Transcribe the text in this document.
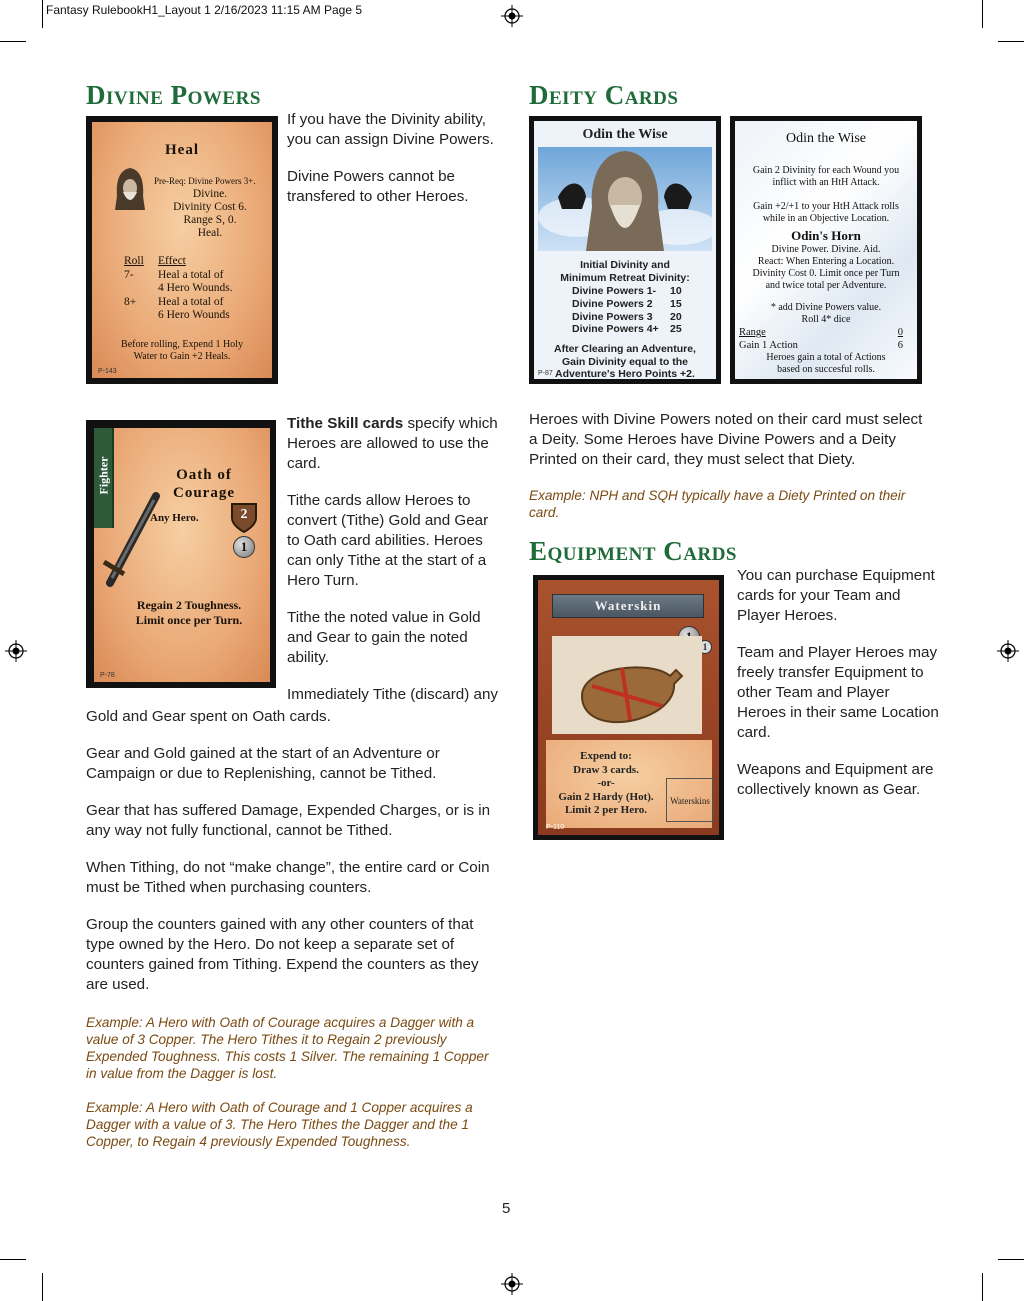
Fantasy RulebookH1_Layout 1 2/16/2023 11:15 AM Page 5
Divine Powers
Heal
Pre-Req: Divine Powers 3+.
Divine.
Divinity Cost 6.
Range S, 0.
Heal.
Roll	Effect
7-	Heal a total of
4 Hero Wounds.
8+	Heal a total of
6 Hero Wounds
Before rolling, Expend 1 Holy
Water to Gain +2 Heals.
P-143

If you have the Divinity ability, you can assign Divine Powers.

Divine Powers cannot be transfered to other Heroes.

Fighter	Oath of
Courage
Any Hero.	2
1
Regain 2 Toughness.
Limit once per Turn.
P-78

Tithe Skill cards specify which Heroes are allowed to use the card.

Tithe cards allow Heroes to convert (Tithe) Gold and Gear to Oath card abilities. Heroes can only Tithe at the start of a Hero Turn.

Tithe the noted value in Gold and Gear to gain the noted ability.

Immediately Tithe (discard) any

Gold and Gear spent on Oath cards.

Gear and Gold gained at the start of an Adventure or Campaign or due to Replenishing, cannot be Tithed.

Gear that has suffered Damage, Expended Charges, or is in any way not fully functional, cannot be Tithed.

When Tithing, do not “make change”, the entire card or Coin must be Tithed when purchasing counters.

Group the counters gained with any other counters of that type owned by the Hero. Do not keep a separate set of counters gained from Tithing. Expend the counters as they are used.

Example: A Hero with Oath of Courage acquires a Dagger with a value of 3 Copper. The Hero Tithes it to Regain 2 previously Expended Toughness. This costs 1 Silver. The remaining 1 Copper in value from the Dagger is lost.

Example: A Hero with Oath of Courage and 1 Copper acquires a Dagger with a value of 3. The Hero Tithes the Dagger and the 1 Copper, to Regain 4 previously Expended Toughness.

Deity Cards
Odin the Wise
Initial Divinity and
Minimum Retreat Divinity:
Divine Powers 1-	10
Divine Powers 2	15
Divine Powers 3	20
Divine Powers 4+	25
After Clearing an Adventure,
Gain Divinity equal to the
Adventure's Hero Points +2.
P-87
Odin the Wise
Gain 2 Divinity for each Wound you
inflict with an HtH Attack.
Gain +2/+1 to your HtH Attack rolls
while in an Objective Location.
Odin's Horn
Divine Power. Divine. Aid.
React: When Entering a Location.
Divinity Cost 0. Limit once per Turn
and twice total per Adventure.
* add Divine Powers value.
Roll 4* dice
Range	0
Gain 1 Action	6
Heroes gain a total of Actions
based on succesful rolls.

Heroes with Divine Powers noted on their card must select a Deity. Some Heroes have Divine Powers and a Deity Printed on their card, they must select that Diety.

Example: NPH and SQH typically have a Diety Printed on their card.

Equipment Cards
Waterskin
1
Expend to:
Draw 3 cards.
-or-
Gain 2 Hardy (Hot).
Limit 2 per Hero.
Waterskins
P-110

You can purchase Equipment cards for your Team and Player Heroes.

Team and Player Heroes may freely transfer Equipment to other Team and Player Heroes in their same Location card.

Weapons and Equipment are collectively known as Gear.

5
